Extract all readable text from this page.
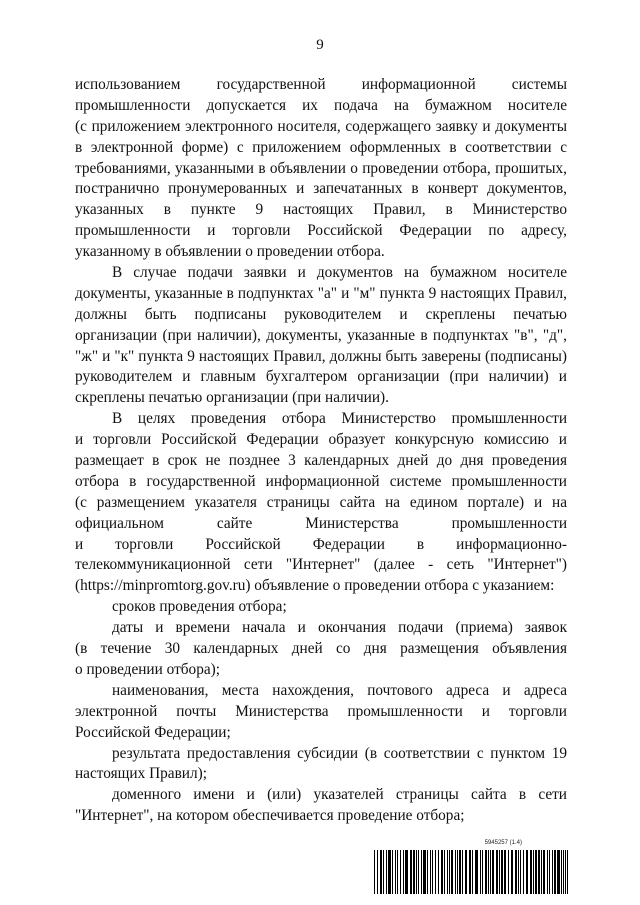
9
использованием государственной информационной системы
промышленности допускается их подача на бумажном носителе
(с приложением электронного носителя, содержащего заявку и документы
в электронной форме) с приложением оформленных в соответствии с
требованиями, указанными в объявлении о проведении отбора, прошитых,
постранично пронумерованных и запечатанных в конверт документов,
указанных в пункте 9 настоящих Правил, в Министерство
промышленности и торговли Российской Федерации по адресу,
указанному в объявлении о проведении отбора.
В случае подачи заявки и документов на бумажном носителе
документы, указанные в подпунктах "а" и "м" пункта 9 настоящих Правил,
должны быть подписаны руководителем и скреплены печатью
организации (при наличии), документы, указанные в подпунктах "в", "д",
"ж" и "к" пункта 9 настоящих Правил, должны быть заверены (подписаны)
руководителем и главным бухгалтером организации (при наличии) и
скреплены печатью организации (при наличии).
В целях проведения отбора Министерство промышленности
и торговли Российской Федерации образует конкурсную комиссию и
размещает в срок не позднее 3 календарных дней до дня проведения
отбора в государственной информационной системе промышленности
(с размещением указателя страницы сайта на едином портале) и на
официальном сайте Министерства промышленности
и торговли Российской Федерации в информационно-
телекоммуникационной сети "Интернет" (далее - сеть "Интернет")
(https://minpromtorg.gov.ru) объявление о проведении отбора с указанием:
сроков проведения отбора;
даты и времени начала и окончания подачи (приема) заявок
(в течение 30 календарных дней со дня размещения объявления
о проведении отбора);
наименования, места нахождения, почтового адреса и адреса
электронной почты Министерства промышленности и торговли
Российской Федерации;
результата предоставления субсидии (в соответствии с пунктом 19
настоящих Правил);
доменного имени и (или) указателей страницы сайта в сети
"Интернет", на котором обеспечивается проведение отбора;
5945257 (1.4)
